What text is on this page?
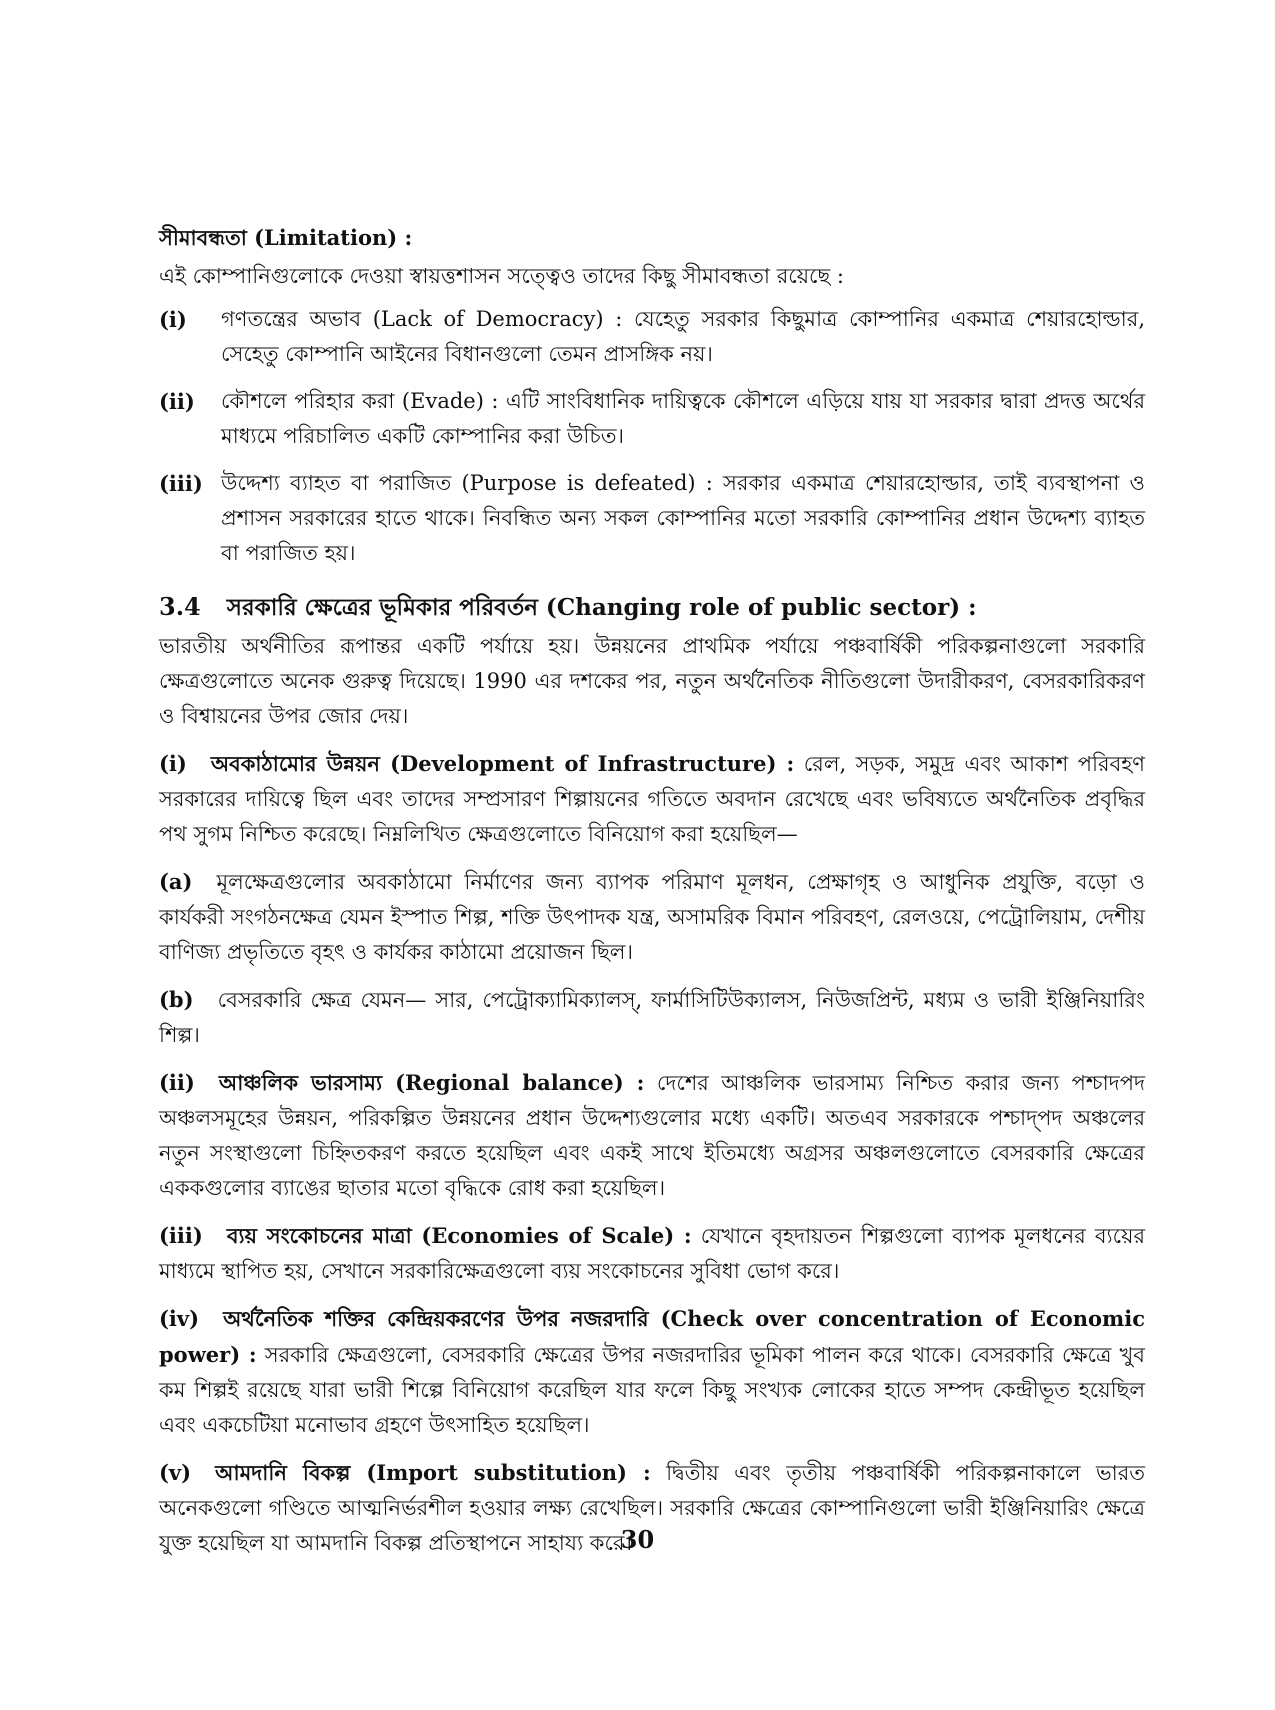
সীমাবন্ধতা (Limitation) :
এই কোম্পানিগুলোকে দেওয়া স্বায়ত্তশাসন সত্ত্বেও তাদের কিছু সীমাবন্ধতা রয়েছে :
(i) গণতন্ত্রের অভাব (Lack of Democracy) : যেহেতু সরকার কিছুমাত্র কোম্পানির একমাত্র শেয়ারহোল্ডার, সেহেতু কোম্পানি আইনের বিধানগুলো তেমন প্রাসঙ্গিক নয়।
(ii) কৌশলে পরিহার করা (Evade) : এটি সাংবিধানিক দায়িত্বকে কৌশলে এড়িয়ে যায় যা সরকার দ্বারা প্রদত্ত অর্থের মাধ্যমে পরিচালিত একটি কোম্পানির করা উচিত।
(iii) উদ্দেশ্য ব্যাহত বা পরাজিত (Purpose is defeated) : সরকার একমাত্র শেয়ারহোল্ডার, তাই ব্যবস্থাপনা ও প্রশাসন সরকারের হাতে থাকে। নিবন্ধিত অন্য সকল কোম্পানির মতো সরকারি কোম্পানির প্রধান উদ্দেশ্য ব্যাহত বা পরাজিত হয়।
3.4 সরকারি ক্ষেত্রের ভূমিকার পরিবর্তন (Changing role of public sector) :
ভারতীয় অর্থনীতির রূপান্তর একটি পর্যায়ে হয়। উন্নয়নের প্রাথমিক পর্যায়ে পঞ্চবার্ষিকী পরিকল্পনাগুলো সরকারি ক্ষেত্রগুলোতে অনেক গুরুত্ব দিয়েছে। 1990 এর দশকের পর, নতুন অর্থনৈতিক নীতিগুলো উদারীকরণ, বেসরকারিকরণ ও বিশ্বায়নের উপর জোর দেয়।
(i) অবকাঠামোর উন্নয়ন (Development of Infrastructure) : রেল, সড়ক, সমুদ্র এবং আকাশ পরিবহণ সরকারের দায়িত্বে ছিল এবং তাদের সম্প্রসারণ শিল্পায়নের গতিতে অবদান রেখেছে এবং ভবিষ্যতে অর্থনৈতিক প্রবৃদ্ধির পথ সুগম নিশ্চিত করেছে। নিম্নলিখিত ক্ষেত্রগুলোতে বিনিয়োগ করা হয়েছিল—
(a) মূলক্ষেত্রগুলোর অবকাঠামো নির্মাণের জন্য ব্যাপক পরিমাণ মূলধন, প্রেক্ষাগৃহ ও আধুনিক প্রযুক্তি, বড়ো ও কার্যকরী সংগঠনক্ষেত্র যেমন ইস্পাত শিল্প, শক্তি উৎপাদক যন্ত্র, অসামরিক বিমান পরিবহণ, রেলওয়ে, পেট্রোলিয়াম, দেশীয় বাণিজ্য প্রভৃতিতে বৃহৎ ও কার্যকর কাঠামো প্রয়োজন ছিল।
(b) বেসরকারি ক্ষেত্র যেমন— সার, পেট্রোক্যামিক্যালস্, ফার্মাসিটিউক্যালস, নিউজপ্রিন্ট, মধ্যম ও ভারী ইঞ্জিনিয়ারিং শিল্প।
(ii) আঞ্চলিক ভারসাম্য (Regional balance) : দেশের আঞ্চলিক ভারসাম্য নিশ্চিত করার জন্য পশ্চাদপদ অঞ্চলসমূহের উন্নয়ন, পরিকল্পিত উন্নয়নের প্রধান উদ্দেশ্যগুলোর মধ্যে একটি। অতএব সরকারকে পশ্চাদ্পদ অঞ্চলের নতুন সংস্থাগুলো চিহ্নিতকরণ করতে হয়েছিল এবং একই সাথে ইতিমধ্যে অগ্রসর অঞ্চলগুলোতে বেসরকারি ক্ষেত্রের এককগুলোর ব্যাঙের ছাতার মতো বৃদ্ধিকে রোধ করা হয়েছিল।
(iii) ব্যয় সংকোচনের মাত্রা (Economies of Scale) : যেখানে বৃহদায়তন শিল্পগুলো ব্যাপক মূলধনের ব্যয়ের মাধ্যমে স্থাপিত হয়, সেখানে সরকারিক্ষেত্রগুলো ব্যয় সংকোচনের সুবিধা ভোগ করে।
(iv) অর্থনৈতিক শক্তির কেন্দ্রিয়করণের উপর নজরদারি (Check over concentration of Economic power) : সরকারি ক্ষেত্রগুলো, বেসরকারি ক্ষেত্রের উপর নজরদারির ভূমিকা পালন করে থাকে। বেসরকারি ক্ষেত্রে খুব কম শিল্পই রয়েছে যারা ভারী শিল্পে বিনিয়োগ করেছিল যার ফলে কিছু সংখ্যক লোকের হাতে সম্পদ কেন্দ্রীভূত হয়েছিল এবং একচেটিয়া মনোভাব গ্রহণে উৎসাহিত হয়েছিল।
(v) আমদানি বিকল্প (Import substitution) : দ্বিতীয় এবং তৃতীয় পঞ্চবার্ষিকী পরিকল্পনাকালে ভারত অনেকগুলো গণ্ডিতে আত্মনির্ভরশীল হওয়ার লক্ষ্য রেখেছিল। সরকারি ক্ষেত্রের কোম্পানিগুলো ভারী ইঞ্জিনিয়ারিং ক্ষেত্রে যুক্ত হয়েছিল যা আমদানি বিকল্প প্রতিস্থাপনে সাহায্য করে।
30
